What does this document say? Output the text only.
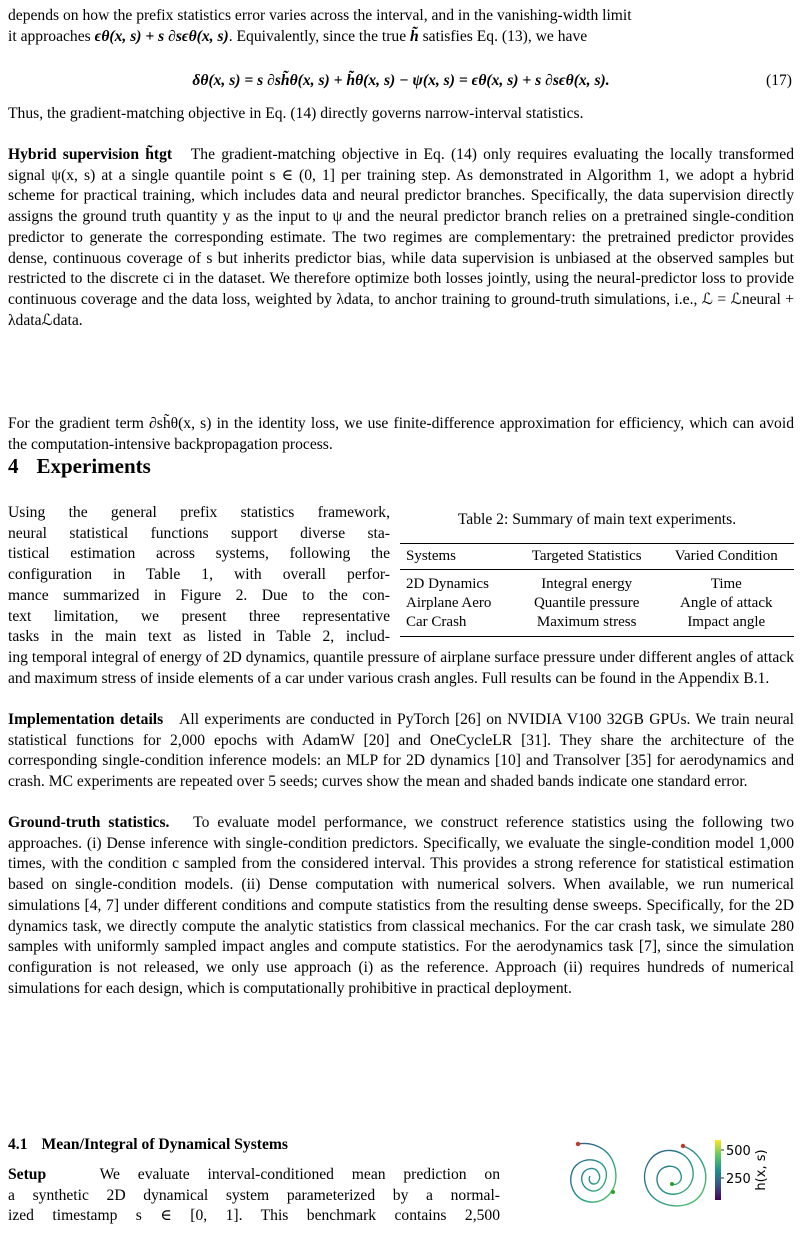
depends on how the prefix statistics error varies across the interval, and in the vanishing-width limit

it approaches ϵθ(x, s) + s ∂sϵθ(x, s). Equivalently, since the true h̃ satisfies Eq. (13), we have

δθ(x, s) = s ∂sh̃θ(x, s) + h̃θ(x, s) − ψ(x, s) = ϵθ(x, s) + s ∂sϵθ(x, s).	(17)

Thus, the gradient-matching objective in Eq. (14) directly governs narrow-interval statistics.

Hybrid supervision h̃tgt The gradient-matching objective in Eq. (14) only requires evaluating the locally transformed signal ψ(x, s) at a single quantile point s ∈ (0, 1] per training step. As demonstrated in Algorithm 1, we adopt a hybrid scheme for practical training, which includes data and neural predictor branches. Specifically, the data supervision directly assigns the ground truth quantity y as the input to ψ and the neural predictor branch relies on a pretrained single-condition predictor to generate the corresponding estimate. The two regimes are complementary: the pretrained predictor provides dense, continuous coverage of s but inherits predictor bias, while data supervision is unbiased at the observed samples but restricted to the discrete ci in the dataset. We therefore optimize both losses jointly, using the neural-predictor loss to provide continuous coverage and the data loss, weighted by λdata, to anchor training to ground-truth simulations, i.e., ℒ = ℒneural + λdataℒdata.

For the gradient term ∂sh̃θ(x, s) in the identity loss, we use finite-difference approximation for efficiency, which can avoid the computation-intensive backpropagation process.

4 Experiments

Using the general prefix statistics framework,

neural statistical functions support diverse sta-

tistical estimation across systems, following the

configuration in Table 1, with overall perfor-

mance summarized in Figure 2. Due to the con-

text limitation, we present three representative

tasks in the main text as listed in Table 2, includ-

Table 2: Summary of main text experiments.
Systems	Targeted Statistics	Varied Condition
2D Dynamics	Integral energy	Time
Airplane Aero	Quantile pressure	Angle of attack
Car Crash	Maximum stress	Impact angle

ing temporal integral of energy of 2D dynamics, quantile pressure of airplane surface pressure under different angles of attack and maximum stress of inside elements of a car under various crash angles. Full results can be found in the Appendix B.1.

Implementation details All experiments are conducted in PyTorch [26] on NVIDIA V100 32GB GPUs. We train neural statistical functions for 2,000 epochs with AdamW [20] and OneCycleLR [31]. They share the architecture of the corresponding single-condition inference models: an MLP for 2D dynamics [10] and Transolver [35] for aerodynamics and crash. MC experiments are repeated over 5 seeds; curves show the mean and shaded bands indicate one standard error.

Ground-truth statistics. To evaluate model performance, we construct reference statistics using the following two approaches. (i) Dense inference with single-condition predictors. Specifically, we evaluate the single-condition model 1,000 times, with the condition c sampled from the considered interval. This provides a strong reference for statistical estimation based on single-condition models. (ii) Dense computation with numerical solvers. When available, we run numerical simulations [4, 7] under different conditions and compute statistics from the resulting dense sweeps. Specifically, for the 2D dynamics task, we directly compute the analytic statistics from classical mechanics. For the car crash task, we simulate 280 samples with uniformly sampled impact angles and compute statistics. For the aerodynamics task [7], since the simulation configuration is not released, we only use approach (i) as the reference. Approach (ii) requires hundreds of numerical simulations for each design, which is computationally prohibitive in practical deployment.

4.1 Mean/Integral of Dynamical Systems

Setup	We evaluate interval-conditioned mean prediction on

a synthetic 2D dynamical system parameterized by a normal-

ized timestamp s ∈ [0, 1]. This benchmark contains 2,500

500
250 h(x, s)
